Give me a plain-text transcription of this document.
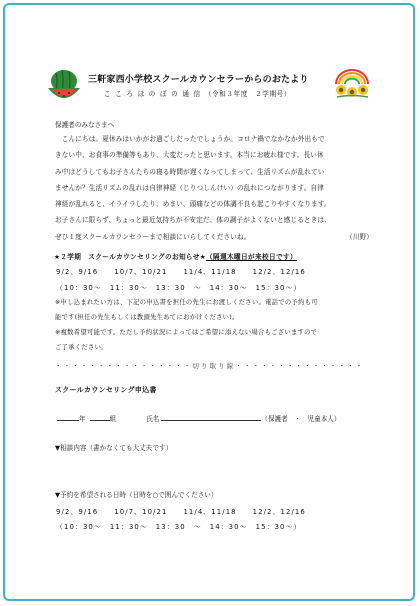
三軒家西小学校スクールカウンセラーからのおたより
こころほのぼの通信（令和３年度　２学期号）
保護者のみなさまへ
　こんにちは。夏休みはいかがお過ごしだったでしょうか。コロナ禍でなかなか外出もで
きない中、お食事の準備等もあり、大変だったと思います。本当にお疲れ様です。長い休
み中はどうしてもお子さんたちの寝る時間が遅くなってしまって、生活リズムが乱れてい
ませんか？生活リズムの乱れは自律神経（じりつしんけい）の乱れにつながります。自律
神経が乱れると、イライラしたり、めまい、頭痛などの体調不良も起こりやすくなります。
お子さんに限らず、ちょっと最近気持ちが不安定だ、体の調子がよくないと感じるときは、
ぜひ１度スクールカウンセラーまで相談にいらしてくださいね。	（川野）
★２学期　スクールカウンセリングのお知らせ★（隔週木曜日が来校日です）
9/2、9/16　　10/7、10/21　　11/4、11/18　　12/2、12/16
（10：30～　11：30～　13：30　～　14：30～　15：30～）
※申し込まれたい方は、下記の申込書を担任の先生にお渡しください。電話での予約も可
能です(担任の先生もしくは教頭先生あてにおかけください)。
※複数希望可能です。ただし予約状況によってはご希望に添えない場合もございますので
ご了承ください。
・・・・・・・・・・・・・・・・切り取り線・・・・・・・・・・・・・・・
スクールカウンセリング申込書
年	組	氏名	（保護者　・　児童本人）
▼相談内容（書かなくても大丈夫です）
▼予約を希望される日時（日時を○で囲んでください）
9/2、9/16　　10/7、10/21　　11/4、11/18　　12/2、12/16
（10：30～　11：30～　13：30　～　14：30～　15：30～）
